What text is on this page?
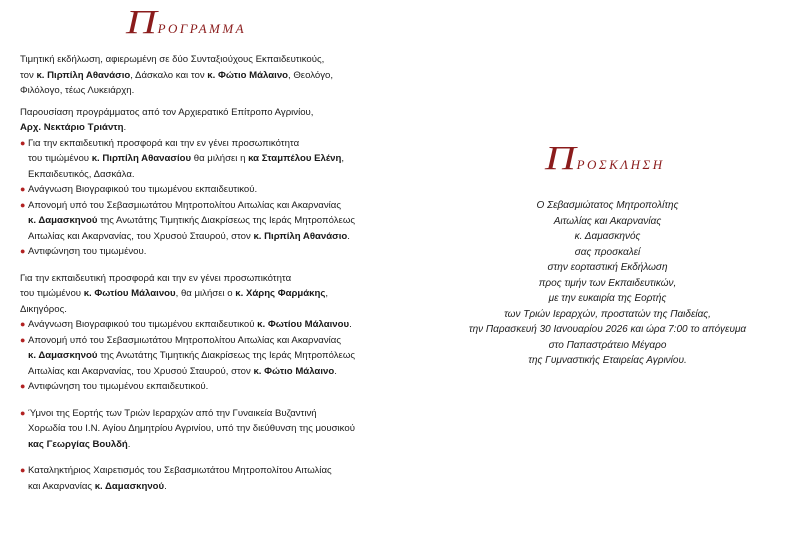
ΠΡΟΓΡΑΜΜΑ

Τιμητική εκδήλωση, αφιερωμένη σε δύο Συνταξιούχους Εκπαιδευτικούς,

τον κ. Πιρπίλη Αθανάσιο, Δάσκαλο και τον κ. Φώτιο Μάλαινο, Θεολόγο,

Φιλόλογο, τέως Λυκειάρχη.

Παρουσίαση προγράμματος από τον Αρχιερατικό Επίτροπο Αγρινίου,

Αρχ. Νεκτάριο Τριάντη.

● Για την εκπαιδευτική προσφορά και την εν γένει προσωπικότητα

του τιμώμένου κ. Πιρπίλη Αθανασίου θα μιλήσει η κα Σταμπέλου Ελένη,

Εκπαιδευτικός, Δασκάλα.

● Ανάγνωση Βιογραφικού του τιμωμένου εκπαιδευτικού.
● Απονομή υπό του Σεβασμιωτάτου Μητροπολίτου Αιτωλίας και Ακαρνανίας

κ. Δαμασκηνού της Ανωτάτης Τιμητικής Διακρίσεως της Ιεράς Μητροπόλεως

Αιτωλίας και Ακαρνανίας, του Χρυσού Σταυρού, στον κ. Πιρπίλη Αθανάσιο.

● Αντιφώνηση του τιμωμένου.

Για την εκπαιδευτική προσφορά και την εν γένει προσωπικότητα

του τιμώμένου κ. Φωτίου Μάλαινου, θα μιλήσει ο κ. Χάρης Φαρμάκης,

Δικηγόρος.

● Ανάγνωση Βιογραφικού του τιμωμένου εκπαιδευτικού κ. Φωτίου Μάλαινου.
● Απονομή υπό του Σεβασμιωτάτου Μητροπολίτου Αιτωλίας και Ακαρνανίας

κ. Δαμασκηνού της Ανωτάτης Τιμητικής Διακρίσεως της Ιεράς Μητροπόλεως

Αιτωλίας και Ακαρνανίας, του Χρυσού Σταυρού, στον κ. Φώτιο Μάλαινο.

● Αντιφώνηση του τιμωμένου εκπαιδευτικού.
● Ύμνοι της Εορτής των Τριών Ιεραρχών από την Γυναικεία Βυζαντινή

Χορωδία του Ι.Ν. Αγίου Δημητρίου Αγρινίου, υπό την διεύθυνση της μουσικού

κας Γεωργίας Βουλδή.

● Καταληκτήριος Χαιρετισμός του Σεβασμιωτάτου Μητροπολίτου Αιτωλίας

και Ακαρνανίας κ. Δαμασκηνού.

ΠΡΟΣΚΛΗΣΗ

Ο Σεβασμιώτατος Μητροπολίτης

Αιτωλίας και Ακαρνανίας

κ. Δαμασκηνός

σας προσκαλεί

στην εορταστική Εκδήλωση

προς τιμήν των Εκπαιδευτικών,

με την ευκαιρία της Εορτής

των Τριών Ιεραρχών, προστατών της Παιδείας,

την Παρασκευή 30 Ιανουαρίου 2026 και ώρα 7:00 το απόγευμα

στο Παπαστράτειο Μέγαρο

της Γυμναστικής Εταιρείας Αγρινίου.
